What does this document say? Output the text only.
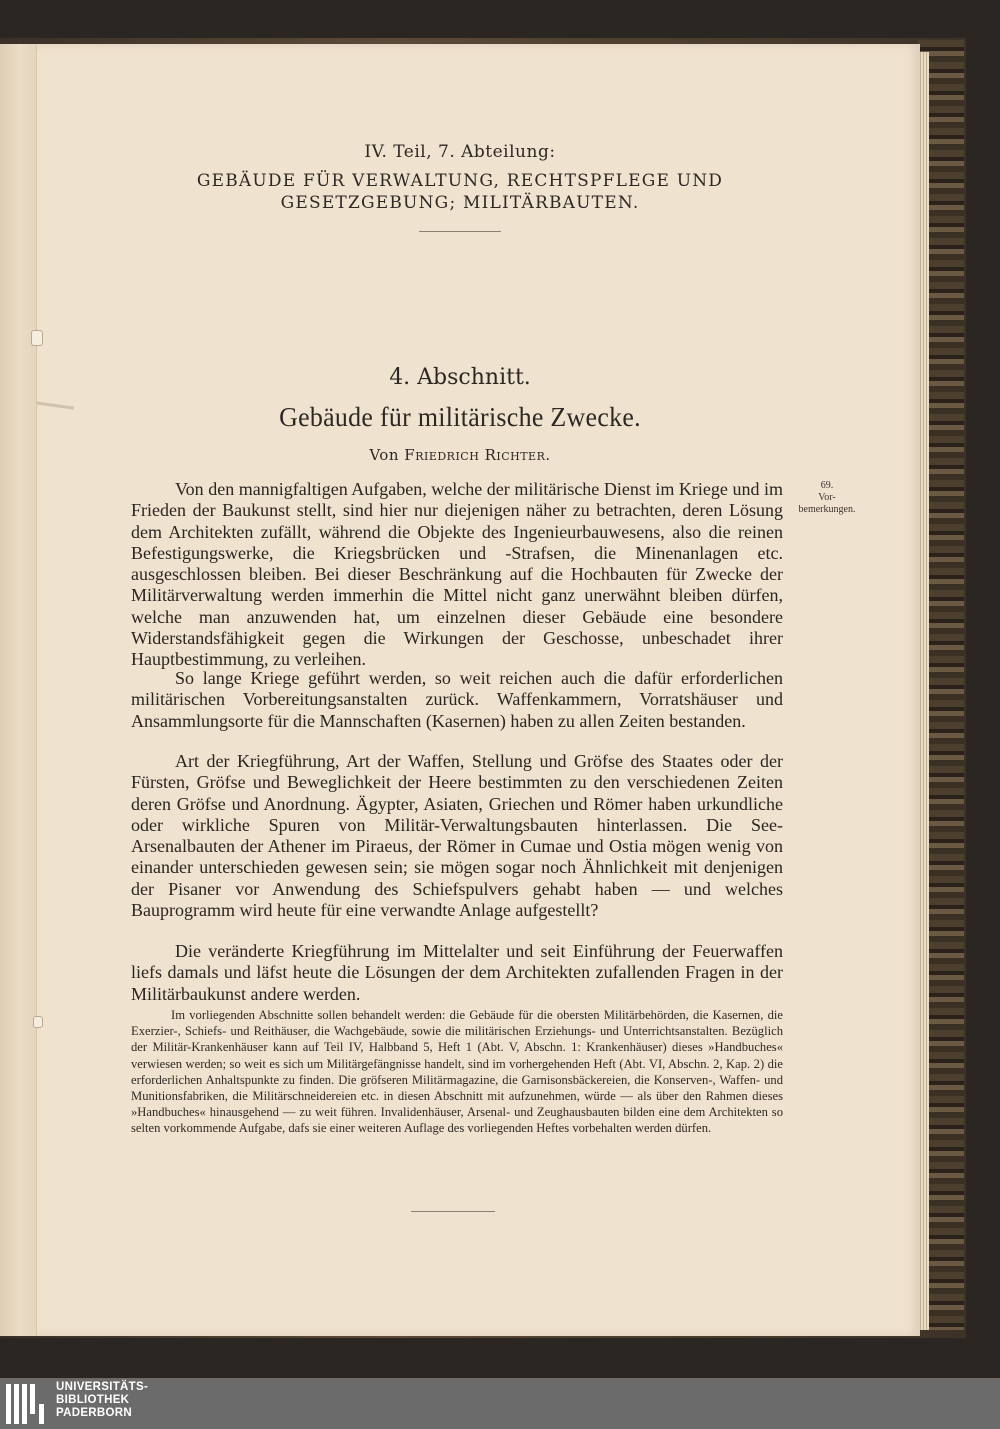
IV. Teil, 7. Abteilung:
GEBÄUDE FÜR VERWALTUNG, RECHTSPFLEGE UND
GESETZGEBUNG; MILITÄRBAUTEN.
4. Abschnitt.
Gebäude für militärische Zwecke.
Von Friedrich Richter.
69.
Vor-
bemerkungen.

Von den mannigfaltigen Aufgaben, welche der militärische Dienst im Kriege und im Frieden der Baukunst stellt, sind hier nur diejenigen näher zu betrachten, deren Lösung dem Architekten zufällt, während die Objekte des Ingenieurbauwesens, also die reinen Befestigungswerke, die Kriegsbrücken und -Strafsen, die Minenanlagen etc. ausgeschlossen bleiben. Bei dieser Beschränkung auf die Hochbauten für Zwecke der Militärverwaltung werden immerhin die Mittel nicht ganz unerwähnt bleiben dürfen, welche man anzuwenden hat, um einzelnen dieser Gebäude eine besondere Widerstandsfähigkeit gegen die Wirkungen der Geschosse, unbeschadet ihrer Hauptbestimmung, zu verleihen.

So lange Kriege geführt werden, so weit reichen auch die dafür erforderlichen militärischen Vorbereitungsanstalten zurück. Waffenkammern, Vorratshäuser und Ansammlungsorte für die Mannschaften (Kasernen) haben zu allen Zeiten bestanden.

Art der Kriegführung, Art der Waffen, Stellung und Gröfse des Staates oder der Fürsten, Gröfse und Beweglichkeit der Heere bestimmten zu den verschiedenen Zeiten deren Gröfse und Anordnung. Ägypter, Asiaten, Griechen und Römer haben urkundliche oder wirkliche Spuren von Militär-Verwaltungsbauten hinterlassen. Die See-Arsenalbauten der Athener im Piraeus, der Römer in Cumae und Ostia mögen wenig von einander unterschieden gewesen sein; sie mögen sogar noch Ähnlichkeit mit denjenigen der Pisaner vor Anwendung des Schiefspulvers gehabt haben — und welches Bauprogramm wird heute für eine verwandte Anlage aufgestellt?

Die veränderte Kriegführung im Mittelalter und seit Einführung der Feuerwaffen liefs damals und läfst heute die Lösungen der dem Architekten zufallenden Fragen in der Militärbaukunst andere werden.

Im vorliegenden Abschnitte sollen behandelt werden: die Gebäude für die obersten Militärbehörden, die Kasernen, die Exerzier-, Schiefs- und Reithäuser, die Wachgebäude, sowie die militärischen Erziehungs- und Unterrichtsanstalten. Bezüglich der Militär-Krankenhäuser kann auf Teil IV, Halbband 5, Heft 1 (Abt. V, Abschn. 1: Krankenhäuser) dieses »Handbuches« verwiesen werden; so weit es sich um Militärgefängnisse handelt, sind im vorhergehenden Heft (Abt. VI, Abschn. 2, Kap. 2) die erforderlichen Anhaltspunkte zu finden. Die gröfseren Militärmagazine, die Garnisonsbäckereien, die Konserven-, Waffen- und Munitionsfabriken, die Militärschneidereien etc. in diesen Abschnitt mit aufzunehmen, würde — als über den Rahmen dieses »Handbuches« hinausgehend — zu weit führen. Invalidenhäuser, Arsenal- und Zeughausbauten bilden eine dem Architekten so selten vorkommende Aufgabe, dafs sie einer weiteren Auflage des vorliegenden Heftes vorbehalten werden dürfen.

UNIVERSITÄTS-
BIBLIOTHEK
PADERBORN
